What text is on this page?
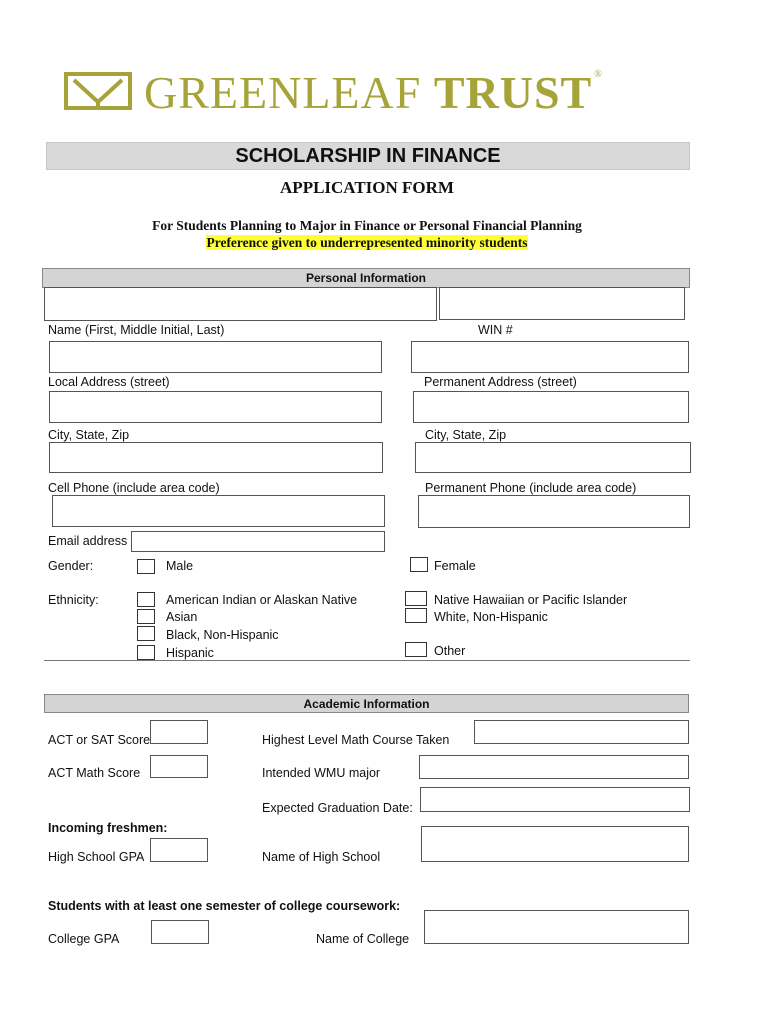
GREENLEAF TRUST ®
SCHOLARSHIP IN FINANCE
APPLICATION FORM
For Students Planning to Major in Finance or Personal Financial Planning
Preference given to underrepresented minority students
Personal Information
Name (First, Middle Initial, Last)	WIN #
Local Address (street)	Permanent Address (street)
City, State, Zip	City, State, Zip
Cell Phone (include area code)	Permanent Phone (include area code)
Email address
Gender:	Male	Female
Ethnicity:	American Indian or Alaskan Native
Asian
Black, Non-Hispanic
Hispanic
Native Hawaiian or Pacific Islander
White, Non-Hispanic
Other
Academic Information
ACT or SAT Score	Highest Level Math Course Taken
ACT Math Score	Intended WMU major
Expected Graduation Date:
Incoming freshmen:
High School GPA	Name of High School
Students with at least one semester of college coursework:
College GPA	Name of College
